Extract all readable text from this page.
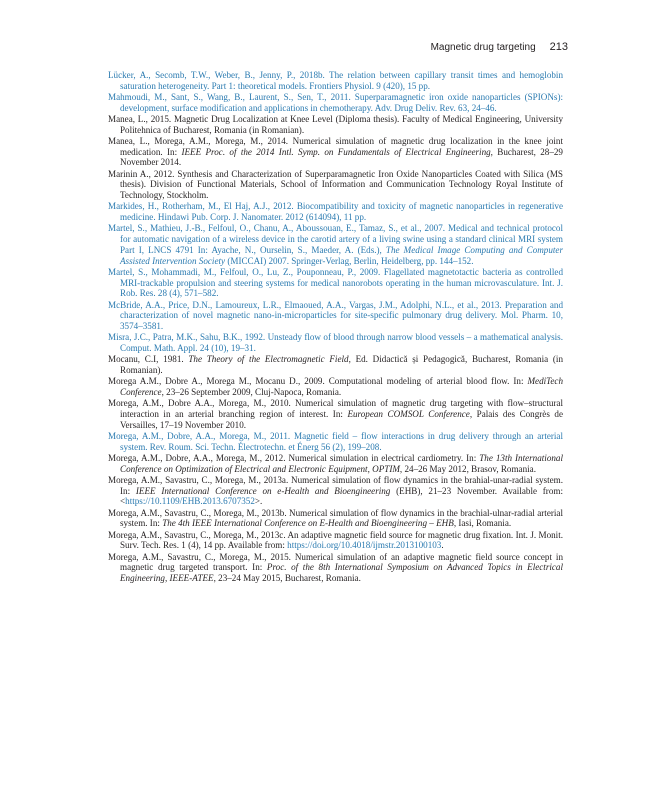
Magnetic drug targeting 213

Lücker, A., Secomb, T.W., Weber, B., Jenny, P., 2018b. The relation between capillary transit times and hemoglobin saturation heterogeneity. Part 1: theoretical models. Frontiers Physiol. 9 (420), 15 pp.

Mahmoudi, M., Sant, S., Wang, B., Laurent, S., Sen, T., 2011. Superparamagnetic iron oxide nanoparticles (SPIONs): development, surface modification and applications in chemotherapy. Adv. Drug Deliv. Rev. 63, 24–46.

Manea, L., 2015. Magnetic Drug Localization at Knee Level (Diploma thesis). Faculty of Medical Engineering, University Politehnica of Bucharest, Romania (in Romanian).

Manea, L., Morega, A.M., Morega, M., 2014. Numerical simulation of magnetic drug localization in the knee joint medication. In: IEEE Proc. of the 2014 Intl. Symp. on Fundamentals of Electrical Engineering, Bucharest, 28–29 November 2014.

Marinin A., 2012. Synthesis and Characterization of Superparamagnetic Iron Oxide Nanoparticles Coated with Silica (MS thesis). Division of Functional Materials, School of Information and Communication Technology Royal Institute of Technology, Stockholm.

Markides, H., Rotherham, M., El Haj, A.J., 2012. Biocompatibility and toxicity of magnetic nanoparticles in regenerative medicine. Hindawi Pub. Corp. J. Nanomater. 2012 (614094), 11 pp.

Martel, S., Mathieu, J.-B., Felfoul, O., Chanu, A., Aboussouan, E., Tamaz, S., et al., 2007. Medical and technical protocol for automatic navigation of a wireless device in the carotid artery of a living swine using a standard clinical MRI system Part I, LNCS 4791 In: Ayache, N., Ourselin, S., Maeder, A. (Eds.), The Medical Image Computing and Computer Assisted Intervention Society (MICCAI) 2007. Springer-Verlag, Berlin, Heidelberg, pp. 144–152.

Martel, S., Mohammadi, M., Felfoul, O., Lu, Z., Pouponneau, P., 2009. Flagellated magnetotactic bacteria as controlled MRI-trackable propulsion and steering systems for medical nanorobots operating in the human microvasculature. Int. J. Rob. Res. 28 (4), 571–582.

McBride, A.A., Price, D.N., Lamoureux, L.R., Elmaoued, A.A., Vargas, J.M., Adolphi, N.L., et al., 2013. Preparation and characterization of novel magnetic nano-in-microparticles for site-specific pulmonary drug delivery. Mol. Pharm. 10, 3574–3581.

Misra, J.C., Patra, M.K., Sahu, B.K., 1992. Unsteady flow of blood through narrow blood vessels – a mathematical analysis. Comput. Math. Appl. 24 (10), 19–31.

Mocanu, C.I, 1981. The Theory of the Electromagnetic Field, Ed. Didactică și Pedagogică, Bucharest, Romania (in Romanian).

Morega A.M., Dobre A., Morega M., Mocanu D., 2009. Computational modeling of arterial blood flow. In: MediTech Conference, 23–26 September 2009, Cluj-Napoca, Romania.

Morega, A.M., Dobre A.A., Morega, M., 2010. Numerical simulation of magnetic drug targeting with flow–structural interaction in an arterial branching region of interest. In: European COMSOL Conference, Palais des Congrès de Versailles, 17–19 November 2010.

Morega, A.M., Dobre, A.A., Morega, M., 2011. Magnetic field – flow interactions in drug delivery through an arterial system. Rev. Roum. Sci. Techn. Électrotechn. et Énerg 56 (2), 199–208.

Morega, A.M., Dobre, A.A., Morega, M., 2012. Numerical simulation in electrical cardiometry. In: The 13th International Conference on Optimization of Electrical and Electronic Equipment, OPTIM, 24–26 May 2012, Brasov, Romania.

Morega, A.M., Savastru, C., Morega, M., 2013a. Numerical simulation of flow dynamics in the brahial-unar-radial system. In: IEEE International Conference on e-Health and Bioengineering (EHB), 21–23 November. Available from: <https://10.1109/EHB.2013.6707352>.

Morega, A.M., Savastru, C., Morega, M., 2013b. Numerical simulation of flow dynamics in the brachial-ulnar-radial arterial system. In: The 4th IEEE International Conference on E-Health and Bioengineering – EHB, Iasi, Romania.

Morega, A.M., Savastru, C., Morega, M., 2013c. An adaptive magnetic field source for magnetic drug fixation. Int. J. Monit. Surv. Tech. Res. 1 (4), 14 pp. Available from: https://doi.org/10.4018/ijmstr.2013100103.

Morega, A.M., Savastru, C., Morega, M., 2015. Numerical simulation of an adaptive magnetic field source concept in magnetic drug targeted transport. In: Proc. of the 8th International Symposium on Advanced Topics in Electrical Engineering, IEEE-ATEE, 23–24 May 2015, Bucharest, Romania.
